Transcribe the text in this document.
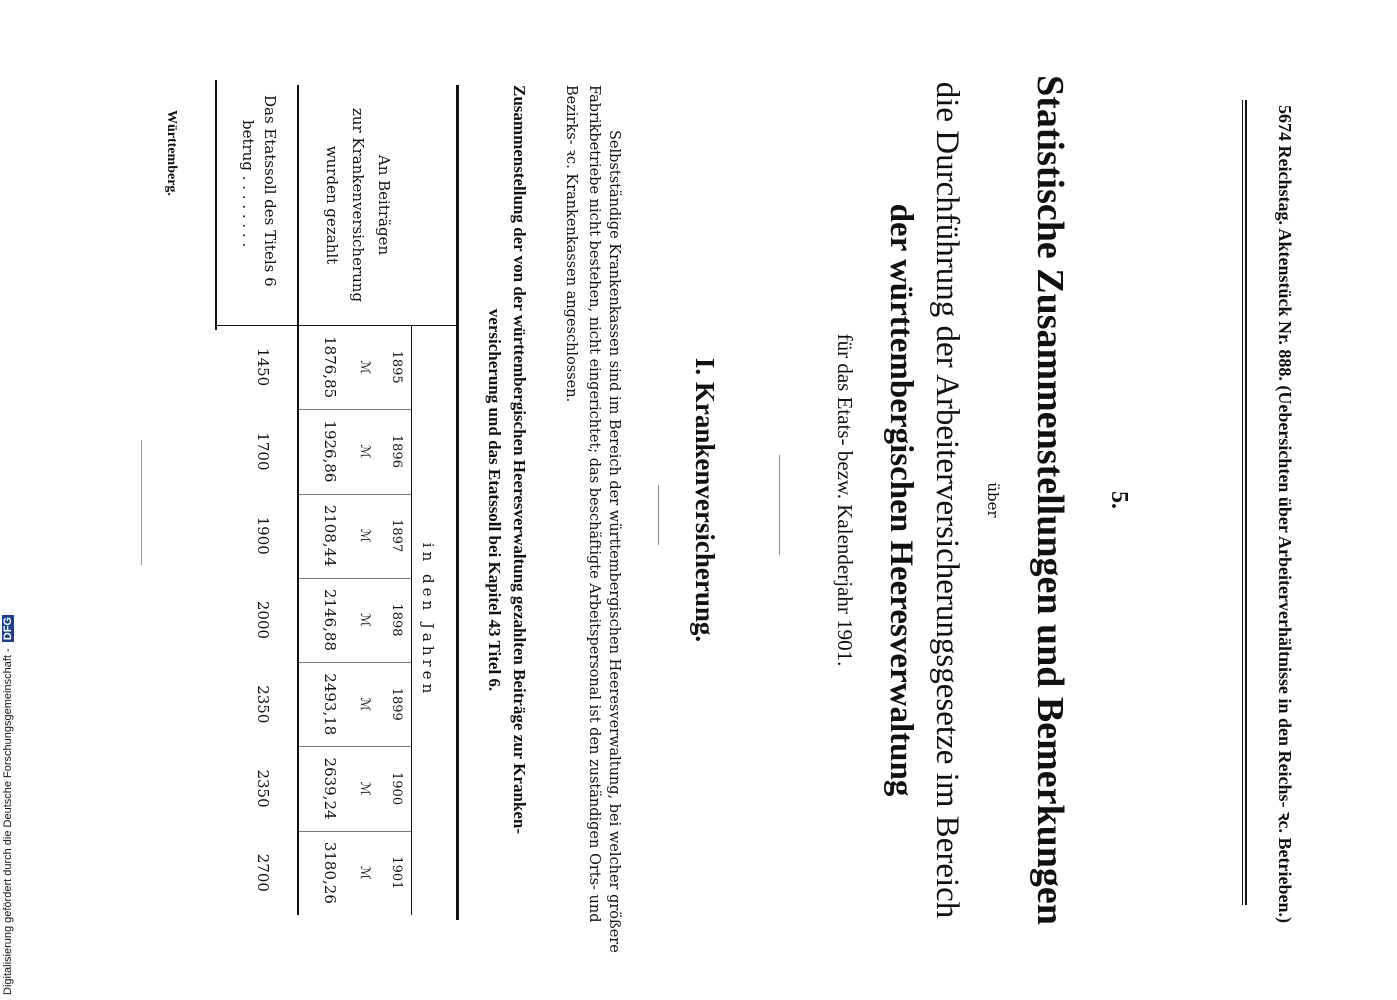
5674 Reichstag. Aktenstück Nr. 888. (Uebersichten über Arbeiterverhältnisse in den Reichs- ꝛc. Betrieben.)
Württemberg.
5.
Statistische Zusammenstellungen und Bemerkungen
über
die Durchführung der Arbeiterversicherungsgesetze im Bereich
der württembergischen Heeresverwaltung
für das Etats- bezw. Kalenderjahr 1901.
I. Krankenversicherung.
Selbstständige Krankenkassen sind im Bereich der württembergischen Heeresverwaltung, bei welcher größere
Fabrikbetriebe nicht bestehen, nicht eingerichtet; das beschäftigte Arbeitspersonal ist den zuständigen Orts- und
Bezirks- ꝛc. Krankenkassen angeschlossen.
Zusammenstellung der von der württembergischen Heeresverwaltung gezahlten Beiträge zur Kranken-
versicherung und das Etatssoll bei Kapitel 43 Titel 6.
in den Jahren
An Beiträgen
zur Krankenversicherung
wurden gezahlt
1895
ℳ
1876,85
1450
1896
ℳ
1926,86
1700
1897
ℳ
2108,44
1900
1898
ℳ
2146,88
2000
1899
ℳ
2493,18
2350
1900
ℳ
2639,24
2350
1901
ℳ
3180,26
2700
Das Etatssoll des Titels 6
betrug . . . . . . . .
Digitalisierung gefördert durch die Deutsche Forschungsgemeinschaft - DFG
